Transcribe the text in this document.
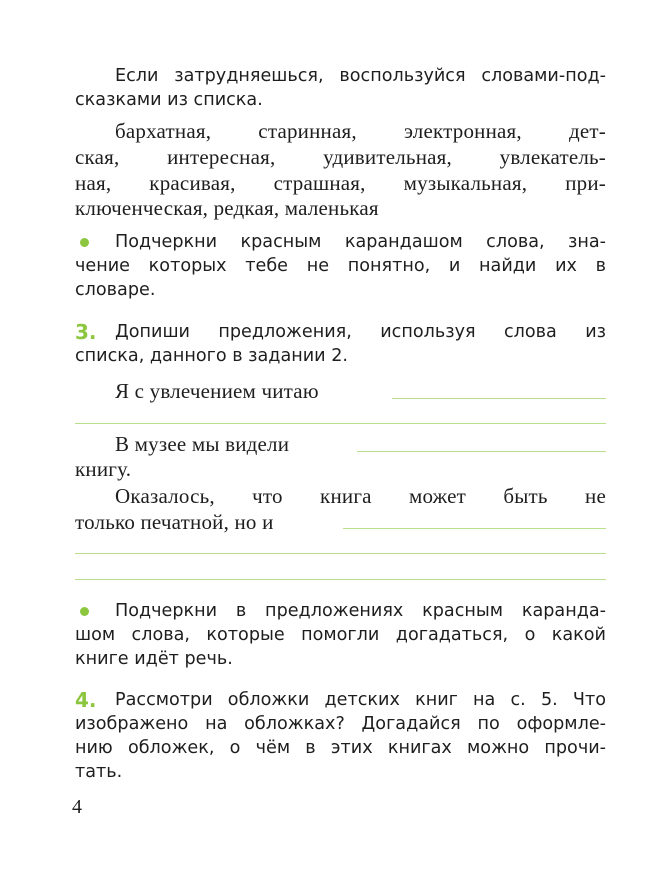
Если затрудняешься, воспользуйся словами-под-
сказками из списка.
бархатная, старинная, электронная, дет-
ская, интересная, удивительная, увлекатель-
ная, красивая, страшная, музыкальная, при-
ключенческая, редкая, маленькая
Подчеркни красным карандашом слова, зна-
чение которых тебе не понятно, и найди их в
словаре.
3. Допиши предложения, используя слова из
списка, данного в задании 2.
Я с увлечением читаю
В музее мы видели
книгу.
Оказалось, что книга может быть не
только печатной, но и
Подчеркни в предложениях красным каранда-
шом слова, которые помогли догадаться, о какой
книге идёт речь.
4. Рассмотри обложки детских книг на с. 5. Что
изображено на обложках? Догадайся по оформле-
нию обложек, о чём в этих книгах можно прочи-
тать.
4
